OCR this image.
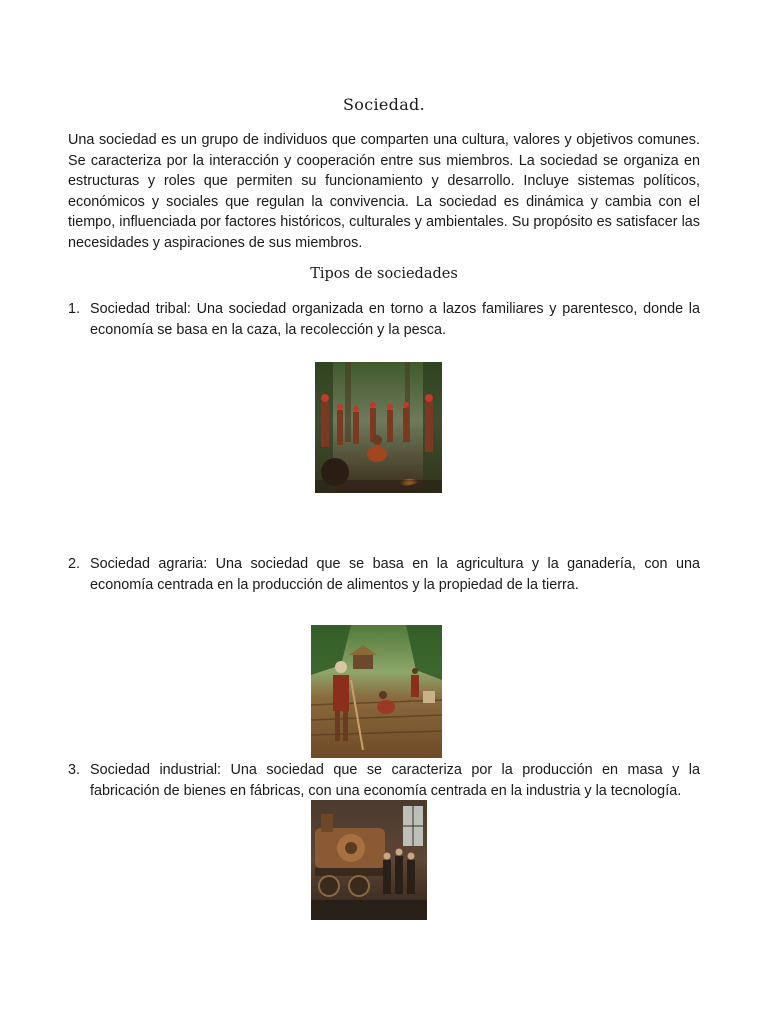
Sociedad.

Una sociedad es un grupo de individuos que comparten una cultura, valores y objetivos comunes. Se caracteriza por la interacción y cooperación entre sus miembros. La sociedad se organiza en estructuras y roles que permiten su funcionamiento y desarrollo. Incluye sistemas políticos, económicos y sociales que regulan la convivencia. La sociedad es dinámica y cambia con el tiempo, influenciada por factores históricos, culturales y ambientales. Su propósito es satisfacer las necesidades y aspiraciones de sus miembros.

Tipos de sociedades
1. Sociedad tribal: Una sociedad organizada en torno a lazos familiares y parentesco, donde la economía se basa en la caza, la recolección y la pesca.
2. Sociedad agraria: Una sociedad que se basa en la agricultura y la ganadería, con una economía centrada en la producción de alimentos y la propiedad de la tierra.
3. Sociedad industrial: Una sociedad que se caracteriza por la producción en masa y la fabricación de bienes en fábricas, con una economía centrada en la industria y la tecnología.
